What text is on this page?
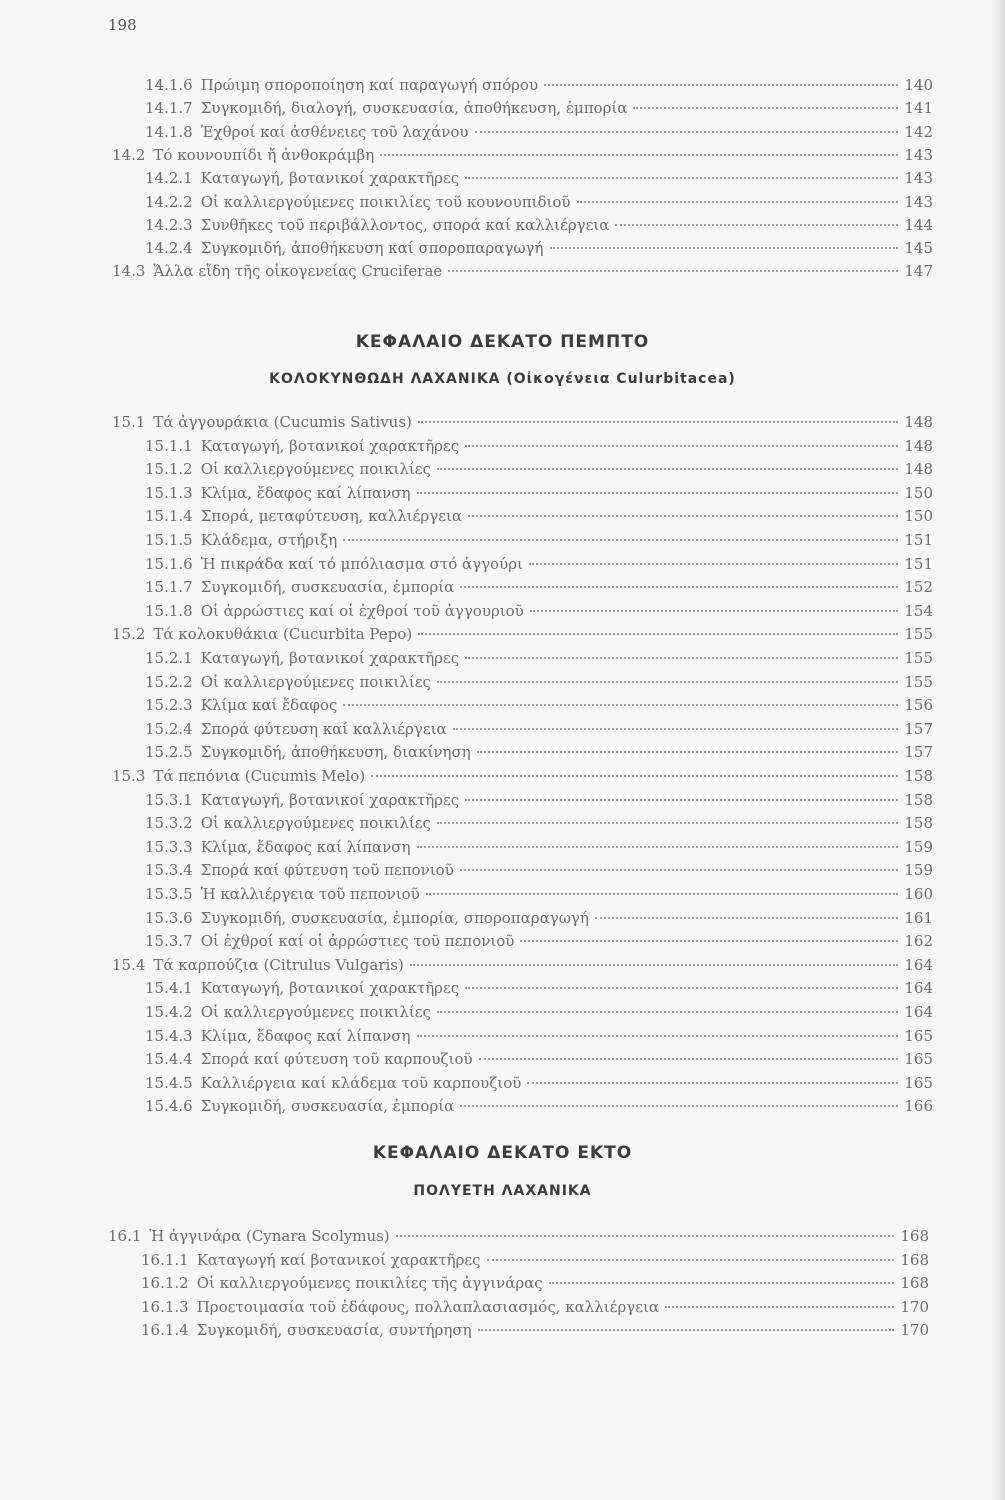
198
14.1.6 Πρώιμη σποροποίηση καί παραγωγή σπόρου	140
14.1.7 Συγκομιδή, διαλογή, συσκευασία, ἀποθήκευση, ἐμπορία	141
14.1.8 Ἐχθροί καί ἀσθένειες τοῦ λαχάνου	142
14.2 Τό κουνουπίδι ἤ ἀνθοκράμβη	143
14.2.1 Καταγωγή, βοτανικοί χαρακτῆρες	143
14.2.2 Οἱ καλλιεργούμενες ποικιλίες τοῦ κουνουπιδιοῦ	143
14.2.3 Συνθῆκες τοῦ περιβάλλοντος, σπορά καί καλλιέργεια	144
14.2.4 Συγκομιδή, ἀποθήκευση καί σποροπαραγωγή	145
14.3 Ἄλλα εἴδη τῆς οἰκογενείας Cruciferae	147
ΚΕΦΑΛΑΙΟ ΔΕΚΑΤΟ ΠΕΜΠΤΟ
ΚΟΛΟΚΥΝΘΩΔΗ ΛΑΧΑΝΙΚΑ (Οἰκογένεια Culurbitacea)
15.1 Τά ἀγγουράκια (Cucumis Sativus)	148
15.1.1 Καταγωγή, βοτανικοί χαρακτῆρες	148
15.1.2 Οἱ καλλιεργούμενες ποικιλίες	148
15.1.3 Κλίμα, ἔδαφος καί λίπανση	150
15.1.4 Σπορά, μεταφύτευση, καλλιέργεια	150
15.1.5 Κλάδεμα, στήριξη	151
15.1.6 Ἡ πικράδα καί τό μπόλιασμα στό ἀγγούρι	151
15.1.7 Συγκομιδή, συσκευασία, ἐμπορία	152
15.1.8 Οἱ ἀρρώστιες καί οἱ ἐχθροί τοῦ ἀγγουριοῦ	154
15.2 Τά κολοκυθάκια (Cucurbita Pepo)	155
15.2.1 Καταγωγή, βοτανικοί χαρακτῆρες	155
15.2.2 Οἱ καλλιεργούμενες ποικιλίες	155
15.2.3 Κλίμα καί ἔδαφος	156
15.2.4 Σπορά φύτευση καί καλλιέργεια	157
15.2.5 Συγκομιδή, ἀποθήκευση, διακίνηση	157
15.3 Τά πεπόνια (Cucumis Melo)	158
15.3.1 Καταγωγή, βοτανικοί χαρακτῆρες	158
15.3.2 Οἱ καλλιεργούμενες ποικιλίες	158
15.3.3 Κλίμα, ἔδαφος καί λίπανση	159
15.3.4 Σπορά καί φύτευση τοῦ πεπονιοῦ	159
15.3.5 Ἡ καλλιέργεια τοῦ πεπονιοῦ	160
15.3.6 Συγκομιδή, συσκευασία, ἐμπορία, σποροπαραγωγή	161
15.3.7 Οἱ ἐχθροί καί οἱ ἀρρώστιες τοῦ πεπονιοῦ	162
15.4 Τά καρπούζια (Citrulus Vulgaris)	164
15.4.1 Καταγωγή, βοτανικοί χαρακτῆρες	164
15.4.2 Οἱ καλλιεργούμενες ποικιλίες	164
15.4.3 Κλίμα, ἔδαφος καί λίπανση	165
15.4.4 Σπορά καί φύτευση τοῦ καρπουζιοῦ	165
15.4.5 Καλλιέργεια καί κλάδεμα τοῦ καρπουζιοῦ	165
15.4.6 Συγκομιδή, συσκευασία, ἐμπορία	166
ΚΕΦΑΛΑΙΟ ΔΕΚΑΤΟ ΕΚΤΟ
ΠΟΛΥΕΤΗ ΛΑΧΑΝΙΚΑ
16.1 Ἡ ἀγγινάρα (Cynara Scolymus)	168
16.1.1 Καταγωγή καί βοτανικοί χαρακτῆρες	168
16.1.2 Οἱ καλλιεργούμενες ποικιλίες τῆς ἀγγινάρας	168
16.1.3 Προετοιμασία τοῦ ἐδάφους, πολλαπλασιασμός, καλλιέργεια	170
16.1.4 Συγκομιδή, συσκευασία, συντήρηση	170
